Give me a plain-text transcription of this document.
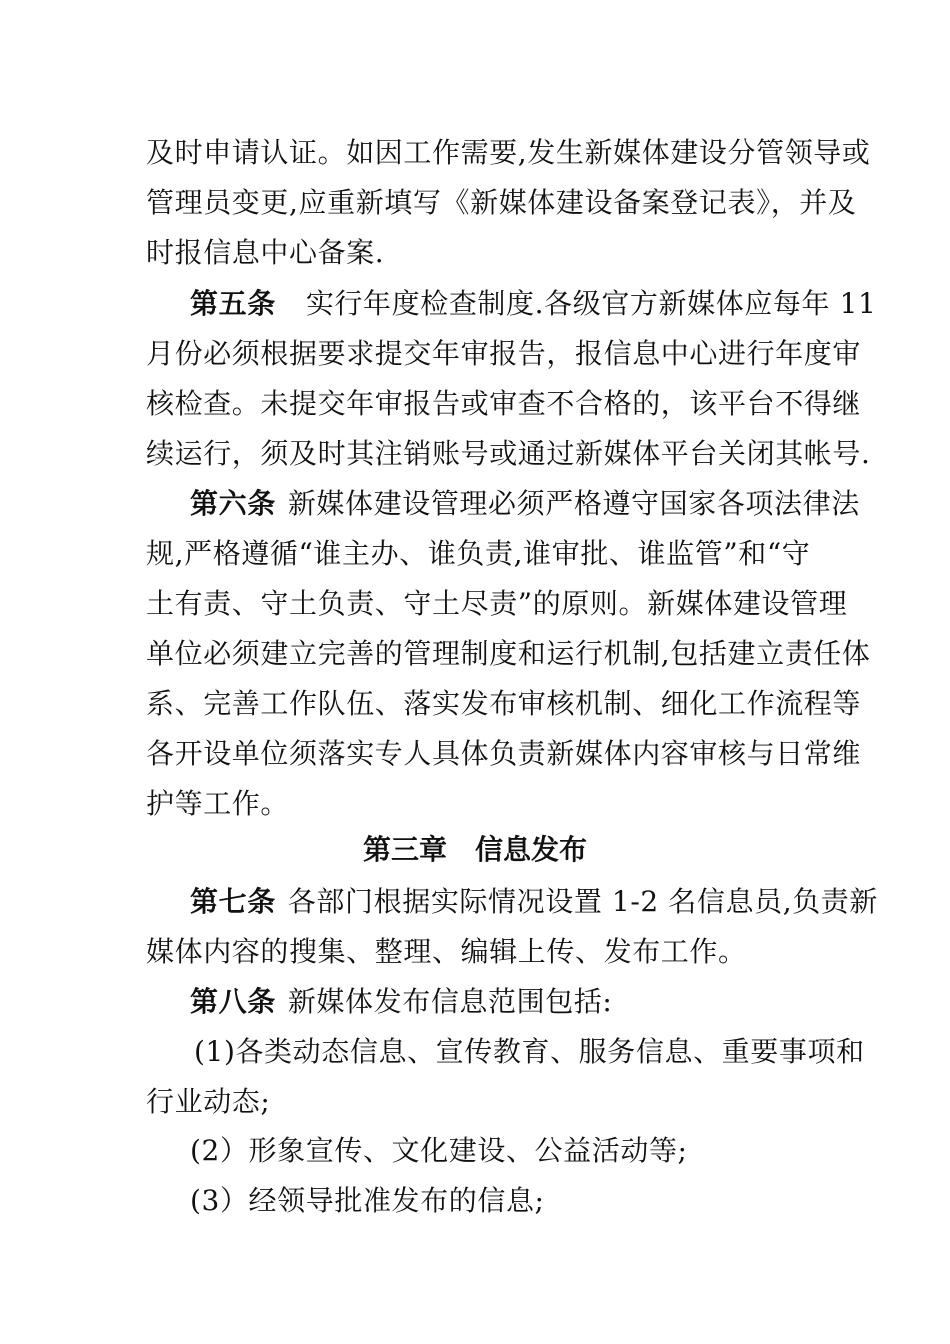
及时申请认证。如因工作需要,发生新媒体建设分管领导或
管理员变更,应重新填写《新媒体建设备案登记表》，并及
时报信息中心备案.
第五条 实行年度检查制度.各级官方新媒体应每年 11
月份必须根据要求提交年审报告，报信息中心进行年度审
核检查。未提交年审报告或审查不合格的，该平台不得继
续运行，须及时其注销账号或通过新媒体平台关闭其帐号.
第六条 新媒体建设管理必须严格遵守国家各项法律法
规,严格遵循“谁主办、谁负责,谁审批、谁监管”和“守
土有责、守土负责、守土尽责”的原则。新媒体建设管理
单位必须建立完善的管理制度和运行机制,包括建立责任体
系、完善工作队伍、落实发布审核机制、细化工作流程等
各开设单位须落实专人具体负责新媒体内容审核与日常维
护等工作。
第三章　信息发布
第七条 各部门根据实际情况设置 1-2 名信息员,负责新
媒体内容的搜集、整理、编辑上传、发布工作。
第八条 新媒体发布信息范围包括:
(1)各类动态信息、宣传教育、服务信息、重要事项和
行业动态;
(2）形象宣传、文化建设、公益活动等;
(3）经领导批准发布的信息;
